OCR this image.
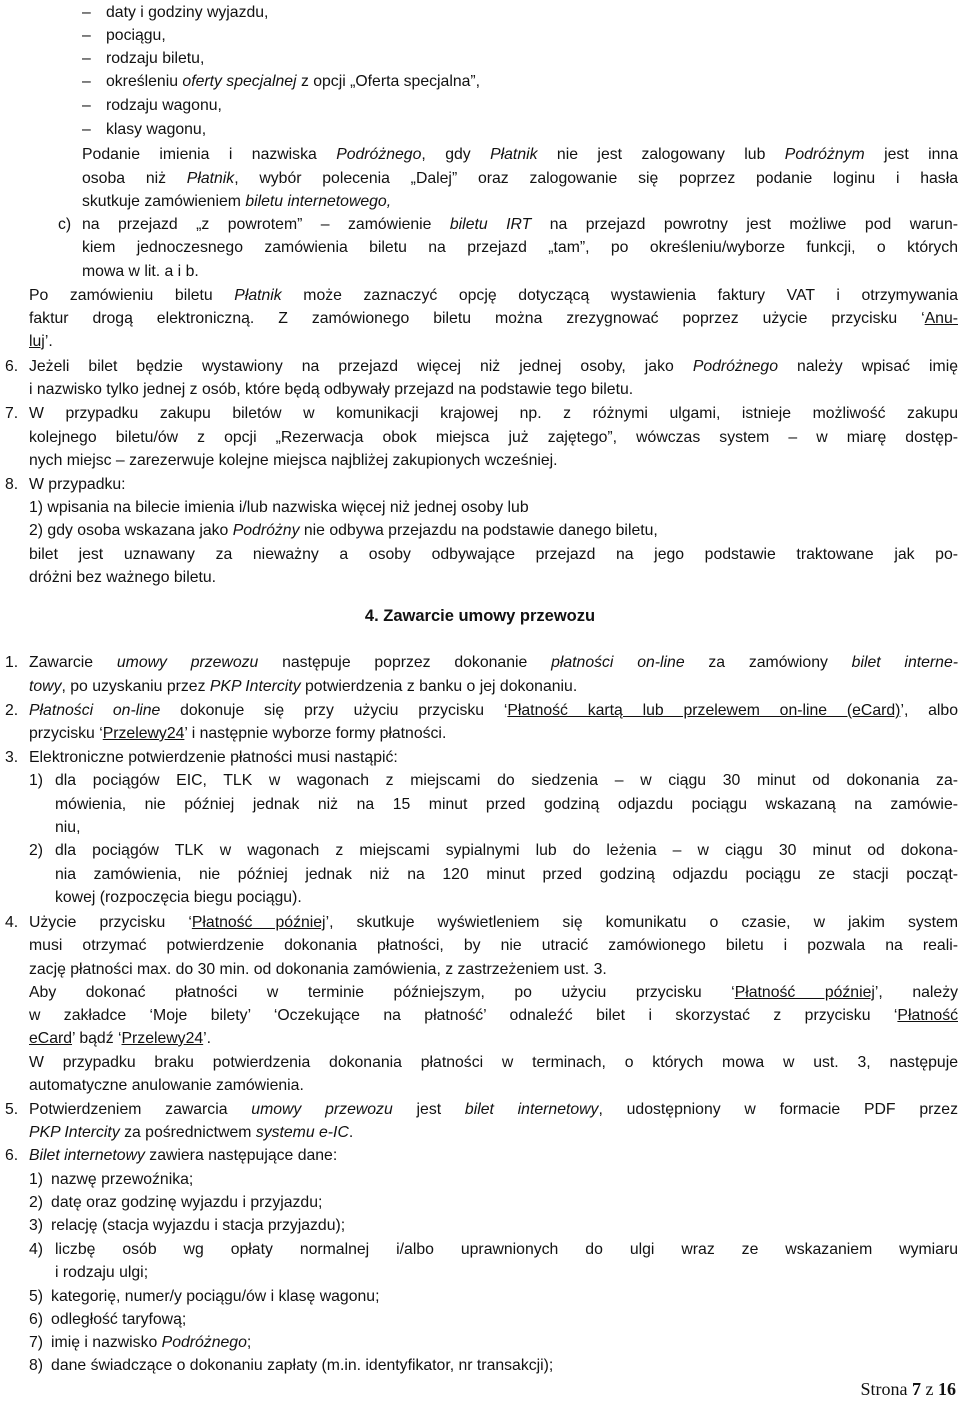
– daty i godziny wyjazdu,
– pociągu,
– rodzaju biletu,
– określeniu oferty specjalnej z opcji „Oferta specjalna”,
– rodzaju wagonu,
– klasy wagonu,
Podanie imienia i nazwiska Podróżnego, gdy Płatnik nie jest zalogowany lub Podróżnym jest inna
osoba niż Płatnik, wybór polecenia „Dalej” oraz zalogowanie się poprzez podanie loginu i hasła
skutkuje zamówieniem biletu internetowego,
c) na przejazd „z powrotem” – zamówienie biletu IRT na przejazd powrotny jest możliwe pod warun-
kiem jednoczesnego zamówienia biletu na przejazd „tam”, po określeniu/wyborze funkcji, o których
mowa w lit. a i b.
Po zamówieniu biletu Płatnik może zaznaczyć opcję dotyczącą wystawienia faktury VAT i otrzymywania
faktur drogą elektroniczną. Z zamówionego biletu można zrezygnować poprzez użycie przycisku ‘Anu-
luj’.
6. Jeżeli bilet będzie wystawiony na przejazd więcej niż jednej osoby, jako Podróżnego należy wpisać imię
i nazwisko tylko jednej z osób, które będą odbywały przejazd na podstawie tego biletu.
7. W przypadku zakupu biletów w komunikacji krajowej np. z różnymi ulgami, istnieje możliwość zakupu
kolejnego biletu/ów z opcji „Rezerwacja obok miejsca już zajętego”, wówczas system – w miarę dostęp-
nych miejsc – zarezerwuje kolejne miejsca najbliżej zakupionych wcześniej.
8. W przypadku:
1) wpisania na bilecie imienia i/lub nazwiska więcej niż jednej osoby lub
2) gdy osoba wskazana jako Podróżny nie odbywa przejazdu na podstawie danego biletu,
bilet jest uznawany za nieważny a osoby odbywające przejazd na jego podstawie traktowane jak po-
dróżni bez ważnego biletu.
4. Zawarcie umowy przewozu
1. Zawarcie umowy przewozu następuje poprzez dokonanie płatności on-line za zamówiony bilet interne-
towy, po uzyskaniu przez PKP Intercity potwierdzenia z banku o jej dokonaniu.
2. Płatności on-line dokonuje się przy użyciu przycisku ‘Płatność kartą lub przelewem on-line (eCard)’, albo
przycisku ‘Przelewy24’ i następnie wyborze formy płatności.
3. Elektroniczne potwierdzenie płatności musi nastąpić:
1) dla pociągów EIC, TLK w wagonach z miejscami do siedzenia – w ciągu 30 minut od dokonania za-
mówienia, nie później jednak niż na 15 minut przed godziną odjazdu pociągu wskazaną na zamówie-
niu,
2) dla pociągów TLK w wagonach z miejscami sypialnymi lub do leżenia – w ciągu 30 minut od dokona-
nia zamówienia, nie później jednak niż na 120 minut przed godziną odjazdu pociągu ze stacji począt-
kowej (rozpoczęcia biegu pociągu).
4. Użycie przycisku ‘Płatność później’, skutkuje wyświetleniem się komunikatu o czasie, w jakim system
musi otrzymać potwierdzenie dokonania płatności, by nie utracić zamówionego biletu i pozwala na reali-
zację płatności max. do 30 min. od dokonania zamówienia, z zastrzeżeniem ust. 3.
Aby dokonać płatności w terminie późniejszym, po użyciu przycisku ‘Płatność później’, należy
w zakładce ‘Moje bilety’ ‘Oczekujące na płatność’ odnaleźć bilet i skorzystać z przycisku ‘Płatność
eCard’ bądź ‘Przelewy24’.
W przypadku braku potwierdzenia dokonania płatności w terminach, o których mowa w ust. 3, następuje
automatyczne anulowanie zamówienia.
5. Potwierdzeniem zawarcia umowy przewozu jest bilet internetowy, udostępniony w formacie PDF przez
PKP Intercity za pośrednictwem systemu e-IC.
6. Bilet internetowy zawiera następujące dane:
1) nazwę przewoźnika;
2) datę oraz godzinę wyjazdu i przyjazdu;
3) relację (stacja wyjazdu i stacja przyjazdu);
4) liczbę osób wg opłaty normalnej i/albo uprawnionych do ulgi wraz ze wskazaniem wymiaru
i rodzaju ulgi;
5) kategorię, numer/y pociągu/ów i klasę wagonu;
6) odległość taryfową;
7) imię i nazwisko Podróżnego;
8) dane świadczące o dokonaniu zapłaty (m.in. identyfikator, nr transakcji);
Strona 7 z 16
